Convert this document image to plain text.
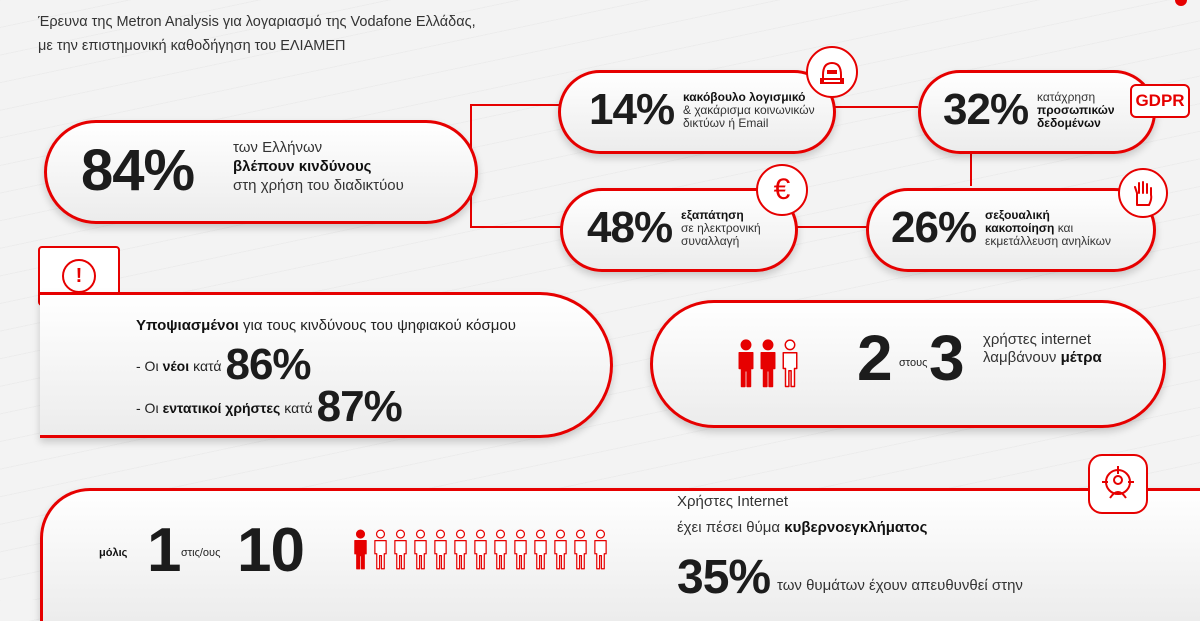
Έρευνα της Metron Analysis για λογαριασμό της Vodafone Ελλάδας,
με την επιστημονική καθοδήγηση του ΕΛΙΑΜΕΠ
84%	των Ελλήνων
βλέπουν κινδύνους
στη χρήση του διαδικτύου
14% κακόβουλο λογισμικό
& χακάρισμα κοινωνικών
δικτύων ή Email	32% κατάχρηση
προσωπικών
δεδομένων
GDPR
48% εξαπάτηση
σε ηλεκτρονική
συναλλαγή
€
26% σεξουαλική
κακοποίηση και
εκμετάλλευση ανηλίκων
!
Υποψιασμένοι για τους κινδύνους του ψηφιακού κόσμου
- Οι νέοι κατά 86%
- Οι εντατικοί χρήστες κατά 87%
2 στους 3 χρήστες internet
λαμβάνουν μέτρα
μόλις 1 στις/ους 10
Χρήστες Internet
έχει πέσει θύμα κυβερνοεγκλήματος
35% των θυμάτων έχουν απευθυνθεί στην
